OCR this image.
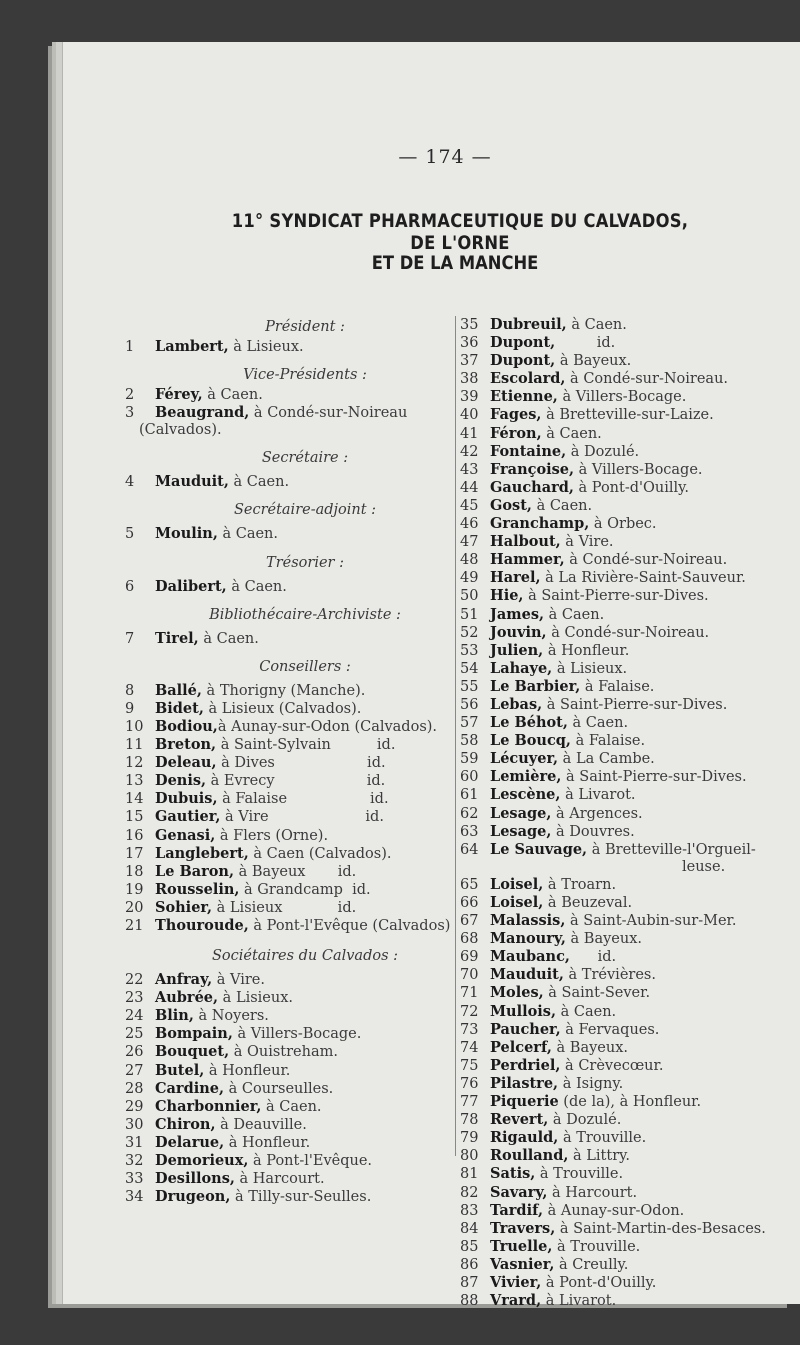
— 174 —
11° SYNDICAT PHARMACEUTIQUE DU CALVADOS, DE L'ORNE
ET DE LA MANCHE
Président :
1 Lambert, à Lisieux.
Vice-Présidents :
2 Férey, à Caen.
3 Beaugrand, à Condé-sur-Noireau
(Calvados).
Secrétaire :
4 Mauduit, à Caen.
Secrétaire-adjoint :
5 Moulin, à Caen.
Trésorier :
6 Dalibert, à Caen.
Bibliothécaire-Archiviste :
7 Tirel, à Caen.
Conseillers :
8 Ballé, à Thorigny (Manche).
9 Bidet, à Lisieux (Calvados).
10 Bodiou,à Aunay-sur-Odon (Calvados).
11 Breton, à Saint-Sylvain          id.
12 Deleau, à Dives                    id.
13 Denis, à Evrecy                    id.
14 Dubuis, à Falaise                  id.
15 Gautier, à Vire                     id.
16 Genasi, à Flers (Orne).
17 Langlebert, à Caen (Calvados).
18 Le Baron, à Bayeux       id.
19 Rousselin, à Grandcamp  id.
20 Sohier, à Lisieux            id.
21 Thouroude, à Pont-l'Evêque (Calvados)
Sociétaires du Calvados :
22 Anfray, à Vire.
23 Aubrée, à Lisieux.
24 Blin, à Noyers.
25 Bompain, à Villers-Bocage.
26 Bouquet, à Ouistreham.
27 Butel, à Honfleur.
28 Cardine, à Courseulles.
29 Charbonnier, à Caen.
30 Chiron, à Deauville.
31 Delarue, à Honfleur.
32 Demorieux, à Pont-l'Evêque.
33 Desillons, à Harcourt.
34 Drugeon, à Tilly-sur-Seulles.
35 Dubreuil, à Caen.
36 Dupont,         id.
37 Dupont, à Bayeux.
38 Escolard, à Condé-sur-Noireau.
39 Etienne, à Villers-Bocage.
40 Fages, à Bretteville-sur-Laize.
41 Féron, à Caen.
42 Fontaine, à Dozulé.
43 Françoise, à Villers-Bocage.
44 Gauchard, à Pont-d'Ouilly.
45 Gost, à Caen.
46 Granchamp, à Orbec.
47 Halbout, à Vire.
48 Hammer, à Condé-sur-Noireau.
49 Harel, à La Rivière-Saint-Sauveur.
50 Hie, à Saint-Pierre-sur-Dives.
51 James, à Caen.
52 Jouvin, à Condé-sur-Noireau.
53 Julien, à Honfleur.
54 Lahaye, à Lisieux.
55 Le Barbier, à Falaise.
56 Lebas, à Saint-Pierre-sur-Dives.
57 Le Béhot, à Caen.
58 Le Boucq, à Falaise.
59 Lécuyer, à La Cambe.
60 Lemière, à Saint-Pierre-sur-Dives.
61 Lescène, à Livarot.
62 Lesage, à Argences.
63 Lesage, à Douvres.
64 Le Sauvage, à Bretteville-l'Orgueil-
leuse.
65 Loisel, à Troarn.
66 Loisel, à Beuzeval.
67 Malassis, à Saint-Aubin-sur-Mer.
68 Manoury, à Bayeux.
69 Maubanc,      id.
70 Mauduit, à Trévières.
71 Moles, à Saint-Sever.
72 Mullois, à Caen.
73 Paucher, à Fervaques.
74 Pelcerf, à Bayeux.
75 Perdriel, à Crèvecœur.
76 Pilastre, à Isigny.
77 Piquerie (de la), à Honfleur.
78 Revert, à Dozulé.
79 Rigauld, à Trouville.
80 Roulland, à Littry.
81 Satis, à Trouville.
82 Savary, à Harcourt.
83 Tardif, à Aunay-sur-Odon.
84 Travers, à Saint-Martin-des-Besaces.
85 Truelle, à Trouville.
86 Vasnier, à Creully.
87 Vivier, à Pont-d'Ouilly.
88 Vrard, à Livarot.
